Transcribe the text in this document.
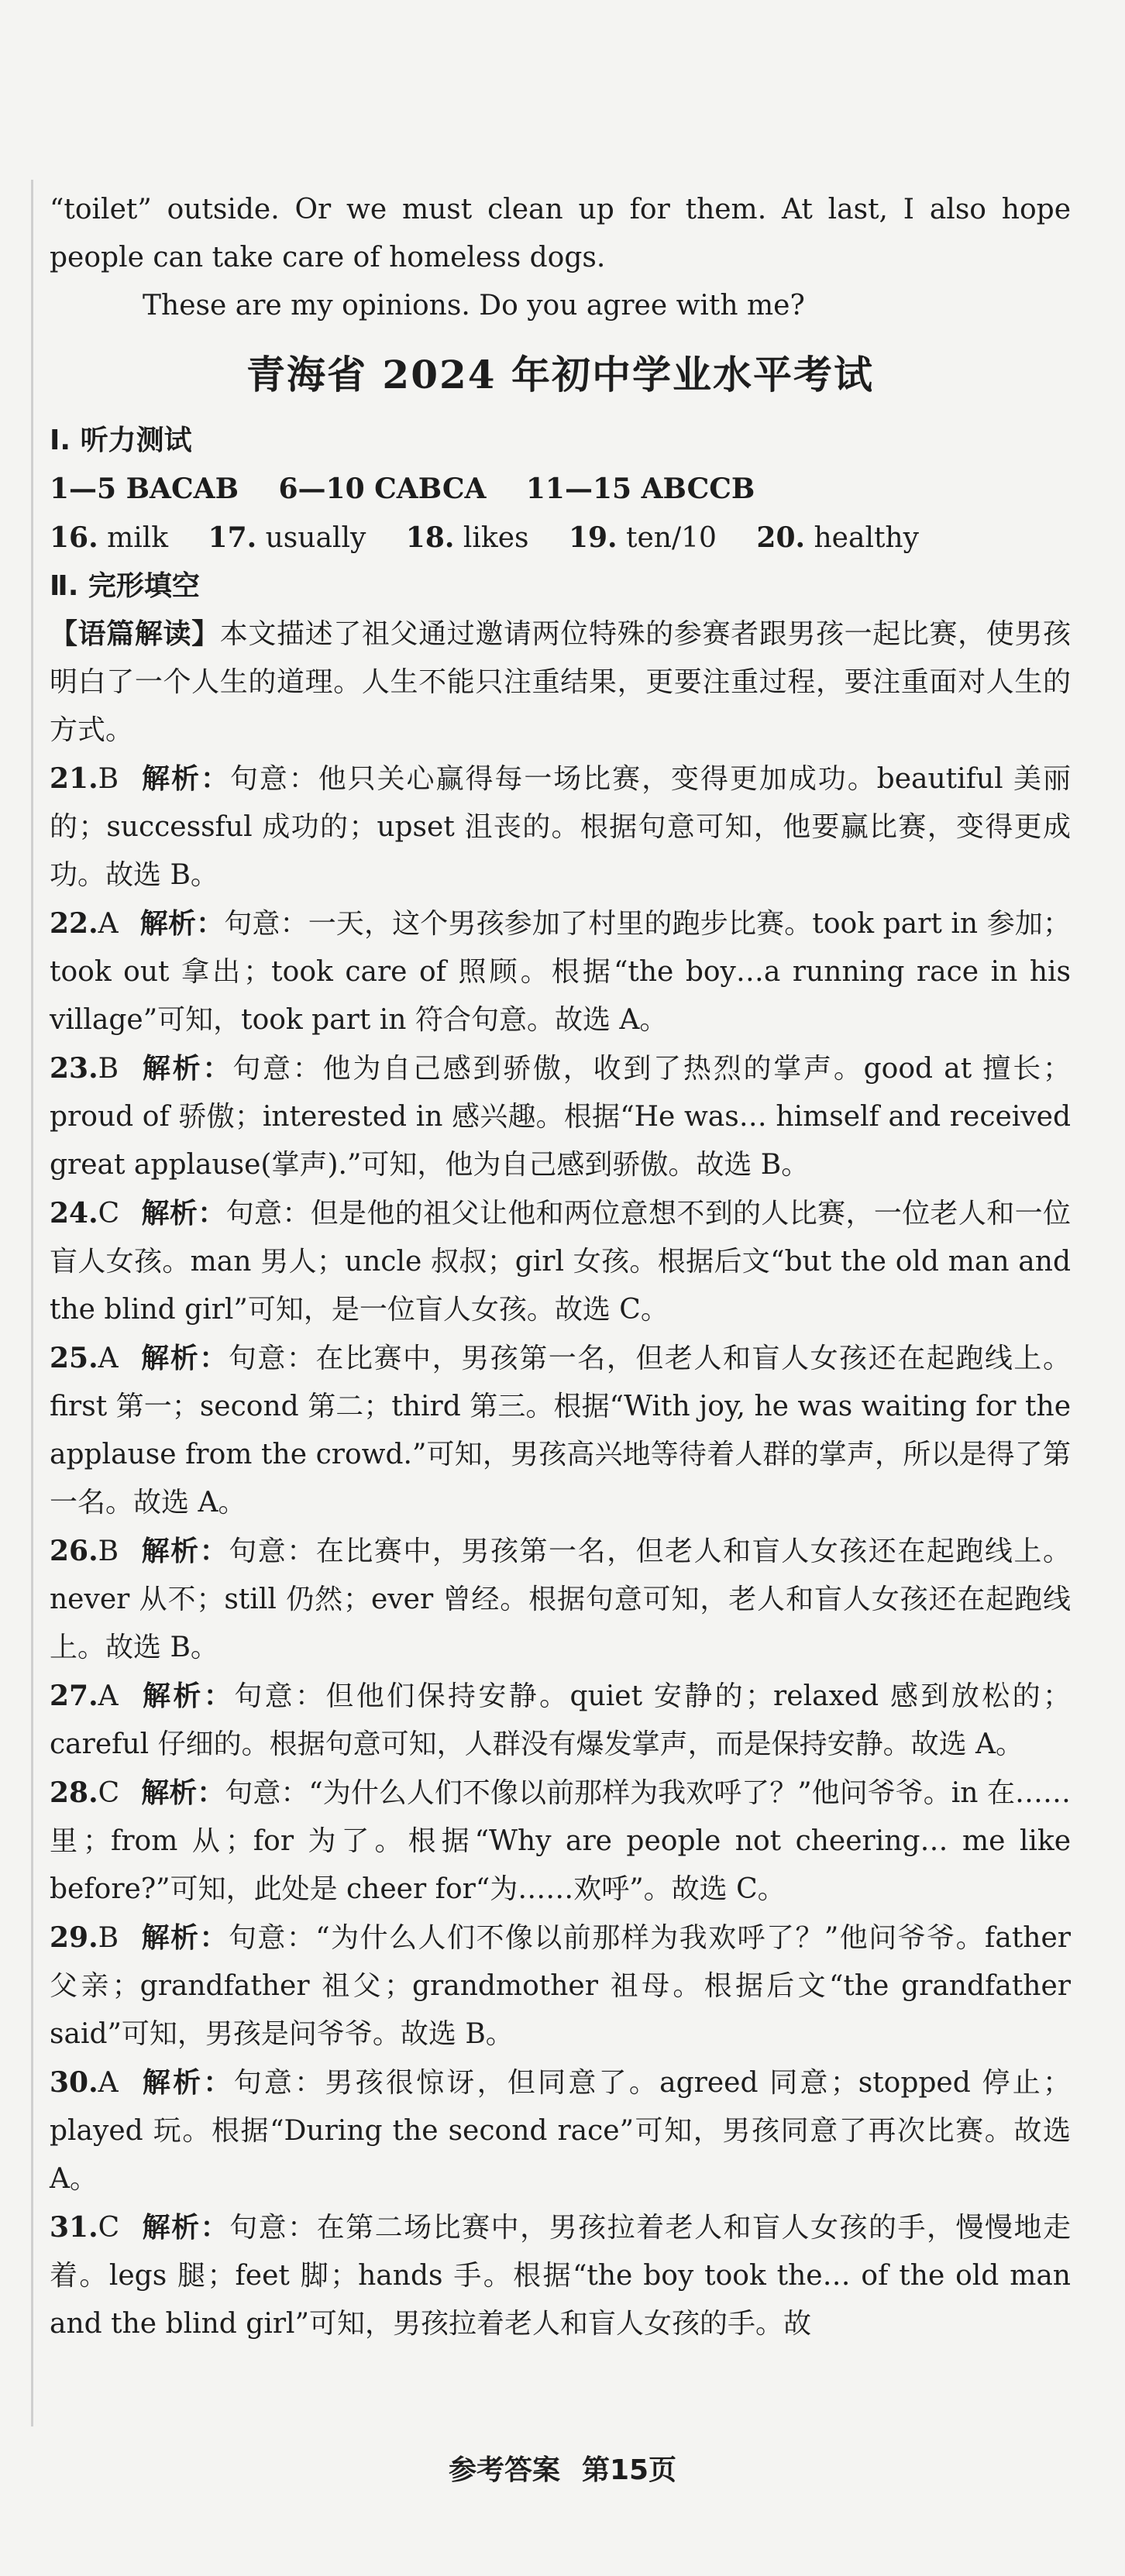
“toilet” outside. Or we must clean up for them. At last, I also hope people can take care of homeless dogs.

These are my opinions. Do you agree with me?

青海省 2024 年初中学业水平考试

Ⅰ. 听力测试

1—5 BACAB 6—10 CABCA 11—15 ABCCB

16. milk 17. usually 18. likes 19. ten/10 20. healthy

Ⅱ. 完形填空

【语篇解读】本文描述了祖父通过邀请两位特殊的参赛者跟男孩一起比赛，使男孩明白了一个人生的道理。人生不能只注重结果，更要注重过程，要注重面对人生的方式。

21.B 解析：句意：他只关心赢得每一场比赛，变得更加成功。beautiful 美丽的；successful 成功的；upset 沮丧的。根据句意可知，他要赢比赛，变得更成功。故选 B。

22.A 解析：句意：一天，这个男孩参加了村里的跑步比赛。took part in 参加；took out 拿出；took care of 照顾。根据“the boy…a running race in his village”可知，took part in 符合句意。故选 A。

23.B 解析：句意：他为自己感到骄傲，收到了热烈的掌声。good at 擅长；proud of 骄傲；interested in 感兴趣。根据“He was… himself and received great applause(掌声).”可知，他为自己感到骄傲。故选 B。

24.C 解析：句意：但是他的祖父让他和两位意想不到的人比赛，一位老人和一位盲人女孩。man 男人；uncle 叔叔；girl 女孩。根据后文“but the old man and the blind girl”可知，是一位盲人女孩。故选 C。

25.A 解析：句意：在比赛中，男孩第一名，但老人和盲人女孩还在起跑线上。first 第一；second 第二；third 第三。根据“With joy, he was waiting for the applause from the crowd.”可知，男孩高兴地等待着人群的掌声，所以是得了第一名。故选 A。

26.B 解析：句意：在比赛中，男孩第一名，但老人和盲人女孩还在起跑线上。never 从不；still 仍然；ever 曾经。根据句意可知，老人和盲人女孩还在起跑线上。故选 B。

27.A 解析：句意：但他们保持安静。quiet 安静的；relaxed 感到放松的；careful 仔细的。根据句意可知，人群没有爆发掌声，而是保持安静。故选 A。

28.C 解析：句意：“为什么人们不像以前那样为我欢呼了？”他问爷爷。in 在……里；from 从；for 为了。根据“Why are people not cheering… me like before?”可知，此处是 cheer for“为……欢呼”。故选 C。

29.B 解析：句意：“为什么人们不像以前那样为我欢呼了？”他问爷爷。father 父亲；grandfather 祖父；grandmother 祖母。根据后文“the grandfather said”可知，男孩是问爷爷。故选 B。

30.A 解析：句意：男孩很惊讶，但同意了。agreed 同意；stopped 停止；played 玩。根据“During the second race”可知，男孩同意了再次比赛。故选 A。

31.C 解析：句意：在第二场比赛中，男孩拉着老人和盲人女孩的手，慢慢地走着。legs 腿；feet 脚；hands 手。根据“the boy took the… of the old man and the blind girl”可知，男孩拉着老人和盲人女孩的手。故

参考答案 第15页
